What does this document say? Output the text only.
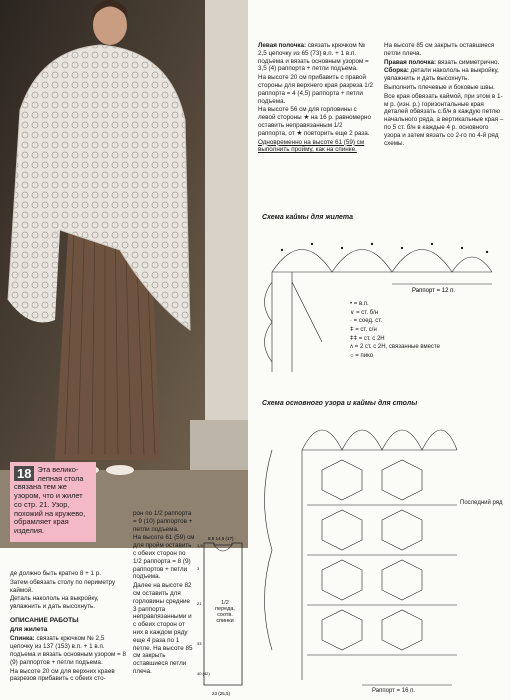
18 Эта великолепная столa связана тем же узором, что и жилет со стр. 21. Узор, похожий на кружево, обрамляет края изделия.

де должно быть кратно 8 + 1 р.

Затем обвязать столу по периметру каймой.

Деталь накололь на выкройку, увлажнить и дать высохнуть.

ОПИСАНИЕ РАБОТЫ

для жилета

Спинка: связать крючком № 2,5 цепочку из 137 (153) в.п. + 1 в.п. подъема и вязать основным узором = 8 (9) раппортов + петли подъема.

На высоте 20 см для верхних краев разрезов прибавить с обеих сто-

рон по 1/2 раппорта = 9 (10) раппортов + петли подъема.

На высоте 61 (59) см для пройм оставить с обеих сторон по 1/2 раппорта = 8 (9) раппортов + петли подъема.

Далее на высоте 82 см оставить для горловины средние 3 раппорта неправлязанными и с обеих сторон от них в каждом ряду еще 4 раза по 1 петле. На высоте 85 см закрыть оставшиеся петли плеча.

8,5 14,5 (17)
23 (25,5)
1,5
3
21
33
40 (42)
1/2 переда, соотв. спинки

Левая полочка: связать крючком № 2,5 цепочку из 65 (73) в.п. + 1 в.п. подъема и вязать основным узором = 3,5 (4) раппорта + петли подъема.

На высоте 20 см прибавить с правой стороны для верхнего края разреза 1/2 раппорта = 4 (4,5) раппорта + петли подъема.

На высоте 56 см для горловины с левой стороны ★ на 16 р. равномерно оставить неправязанным 1/2 раппорта, от ★ повторить еще 2 раза.

Одновременно на высоте 61 (59) см выполнить пройму, как на спинке.

На высоте 85 см закрыть оставшиеся петли плеча.

Правая полочка: вязать симметрично.

Сборка: детали накололь на выкройку, увлажнить и дать высохнуть.

Выполнить плечевые и боковые швы.

Все края обвязать каймой, при этом в 1-м р. (изн. р.) горизонтальные края деталей обвязать с.б/н в каждую петлю начального ряда, а вертикальные края – по 5 ст. б/н в каждые 4 р. основного узора и затем вязать со 2-го по 4-й ряд схемы.

Схема каймы для жилета
Раппорт = 12 п.
• = в.п.
∨ = ст. б/н
· = соед. ст.
ǂ = ст. с/н
ǂǂ = ст. с 2Н
ʌ = 2 ст. с 2Н, связанные вместе
○ = пико
Схема основного узора и каймы для столы
Последний ряд
Раппорт = 16 п.
